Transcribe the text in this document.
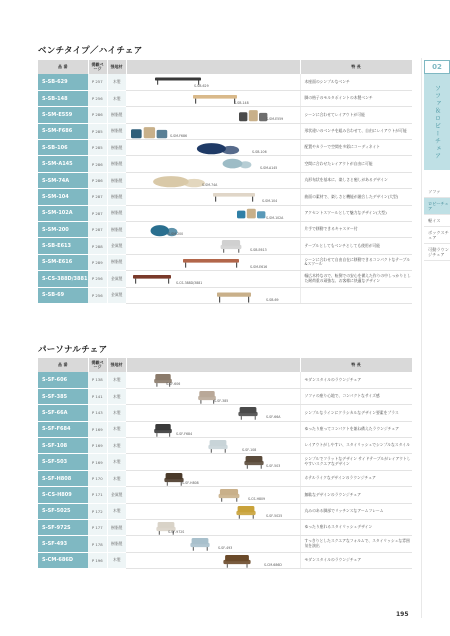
ベンチタイプ／ハイチェア
品 番	掲載ページ	張地材		特 長
S-SB-629	P 257	木製	S-SB-629	木座面のシンプルなベンチ
S-SB-148	P 256	木製	S-SB-148	脚の格子のモルタポイントの木製ベンチ
S-SM-E559	P 286	樹脂製	S-SM-E559	シーンに合わせてレイアウトが可能
S-SM-F686	P 285	樹脂製	S-SM-F686	形状違いのベンチを組み合わせて、自由にレイアウトが可能
S-SB-106	P 285	樹脂製	S-SB-106	配置やカラーで空間を多彩にコーディネイト
S-SM-A145	P 286	樹脂製	S-SM-A145	空間に合わせたレイアウトが自由に可能
S-SM-74A	P 286	樹脂製	S-SM-74A	丸形布状を基本に、楽しさと癒しがあるデザイン
S-SM-104	P 287	樹脂製	S-SM-104	曲面の素材で、楽しさと機能が融合したデザイン(大型)
S-SM-102A	P 287	樹脂製	S-SM-102A	アクセントスツールとして魅力なデザイン(大型)
S-SM-200	P 287	樹脂製	S-SM-200	片手で移動できるキャスター付
S-SB-E613	P 288	金属製	S-SB-E613	テーブルとしてもベンチとしても使用が可能
S-SM-E616	P 289	樹脂製	S-SM-E616	シーンに合わせて自由自在に移動できるコンパクトなテーブル&スツール
S-CS-388D/3881	P 256	金属製	S-CS-388D/3881	幅広木枠なので、転倒での安心を備えた作りの中しっかりとした耐荷重の頑強な、お客様に快適なデザイン
S-SB-69	P 256	金属製	S-SB-69	

パーソナルチェア
品 番	掲載ページ	張地材		特 長
S-SF-606	P 138	木製	S-SF-606	モダンスタイルのラウンジチェア
S-SF-385	P 141	木製	S-SF-385	ソファの座り心地で、コンパクトなサイズ感
S-SF-66A	P 143	木製	S-SF-66A	シンプルなラインにクラシカルなデザイン要素をプラス
S-SF-F684	P 169	木製	S-SF-F684	ゆったり座ってコンパクトを兼ね備えたラウンジチェア
S-SF-108	P 169	木製	S-SF-108	レイアウトがしやすい、スタイリッシュでシンプルなスタイル
S-SF-503	P 169	木製	S-SF-503	シンプルでフラットなデザイン サイドテーブルがレイアウトしやすいスクエアなデザイン
S-SF-H808	P 170	木製	S-SF-H808	ホテルライクなデザインのラウンジチェア
S-CS-H809	P 171	金属製	S-CS-H809	無駄なデザインのラウンジチェア
S-SF-5025	P 172	木製	S-SF-5025	丸みのある脚部でリッチンスなアームフレーム
S-SF-972S	P 177	樹脂製	S-SF-972S	ゆったり座れるスタイリッシュデザイン
S-SF-493	P 178	樹脂製	S-SF-493	すっきりとしたスクエアなフォルムで、スタイリッシュな雰囲気を演出
S-CM-686D	P 196	木製	S-CM-686D	モダンスタイルのラウンジチェア
02
ソファ＆ロビーチェア
ソファ
ロビーチェア
軽イス
ボックスチェア
可動ラウンジチェア
195
